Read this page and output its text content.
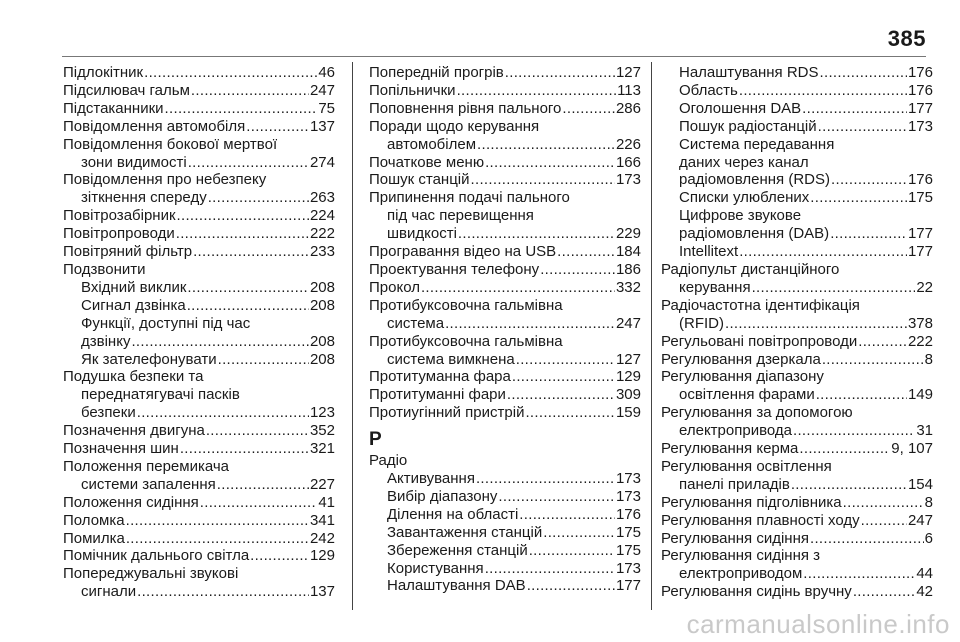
385
Підлокітник .....	46
Підсилювач гальм .....	247
Підстаканники .....	75
Повідомлення автомобіля .....	137
Повідомлення бокової мертвої
зони видимості .....	274
Повідомлення про небезпеку
зіткнення спереду .....	263
Повітрозабірник .....	224
Повітропроводи .....	222
Повітряний фільтр .....	233
Подзвонити
Вхідний виклик .....	208
Сигнал дзвінка .....	208
Функції, доступні під час
дзвінку .....	208
Як зателефонувати .....	208
Подушка безпеки та
переднатягувачі пасків
безпеки .....	123
Позначення двигуна .....	352
Позначення шин .....	321
Положення перемикача
системи запалення .....	227
Положення сидіння .....	41
Поломка .....	341
Помилка .....	242
Помічник дальнього світла .....	129
Попереджувальні звукові
сигнали .....	137
Попередній прогрів .....	127
Попільнички .....	113
Поповнення рівня пального .....	286
Поради щодо керування
автомобілем .....	226
Початкове меню .....	166
Пошук станцій .....	173
Припинення подачі пального
під час перевищення
швидкості .....	229
Програвання відео на USB .....	184
Проектування телефону .....	186
Прокол .....	332
Протибуксовочна гальмівна
система .....	247
Протибуксовочна гальмівна
система вимкнена .....	127
Протитуманна фара .....	129
Протитуманні фари .....	309
Протиугінний пристрій .....	159
Р
Радіо
Активування .....	173
Вибір діапазону .....	173
Ділення на області .....	176
Завантаження станцій .....	175
Збереження станцій .....	175
Користування .....	173
Налаштування DAB .....	177
Налаштування RDS .....	176
Область .....	176
Оголошення DAB .....	177
Пошук радіостанцій .....	173
Система передавання
даних через канал
радіомовлення (RDS) .....	176
Списки улюблених .....	175
Цифрове звукове
радіомовлення (DAB) .....	177
Intellitext .....	177
Радіопульт дистанційного
керування .....	22
Радіочастотна ідентифікація
(RFID) .....	378
Регульовані повітропроводи .....	222
Регулювання дзеркала .....	8
Регулювання діапазону
освітлення фарами .....	149
Регулювання за допомогою
електропривода .....	31
Регулювання керма .....	9, 107
Регулювання освітлення
панелі приладів .....	154
Регулювання підголівника .....	8
Регулювання плавності ходу .....	247
Регулювання сидіння .....	6
Регулювання сидіння з
електроприводом .....	44
Регулювання сидінь вручну .....	42
carmanualsonline.info
